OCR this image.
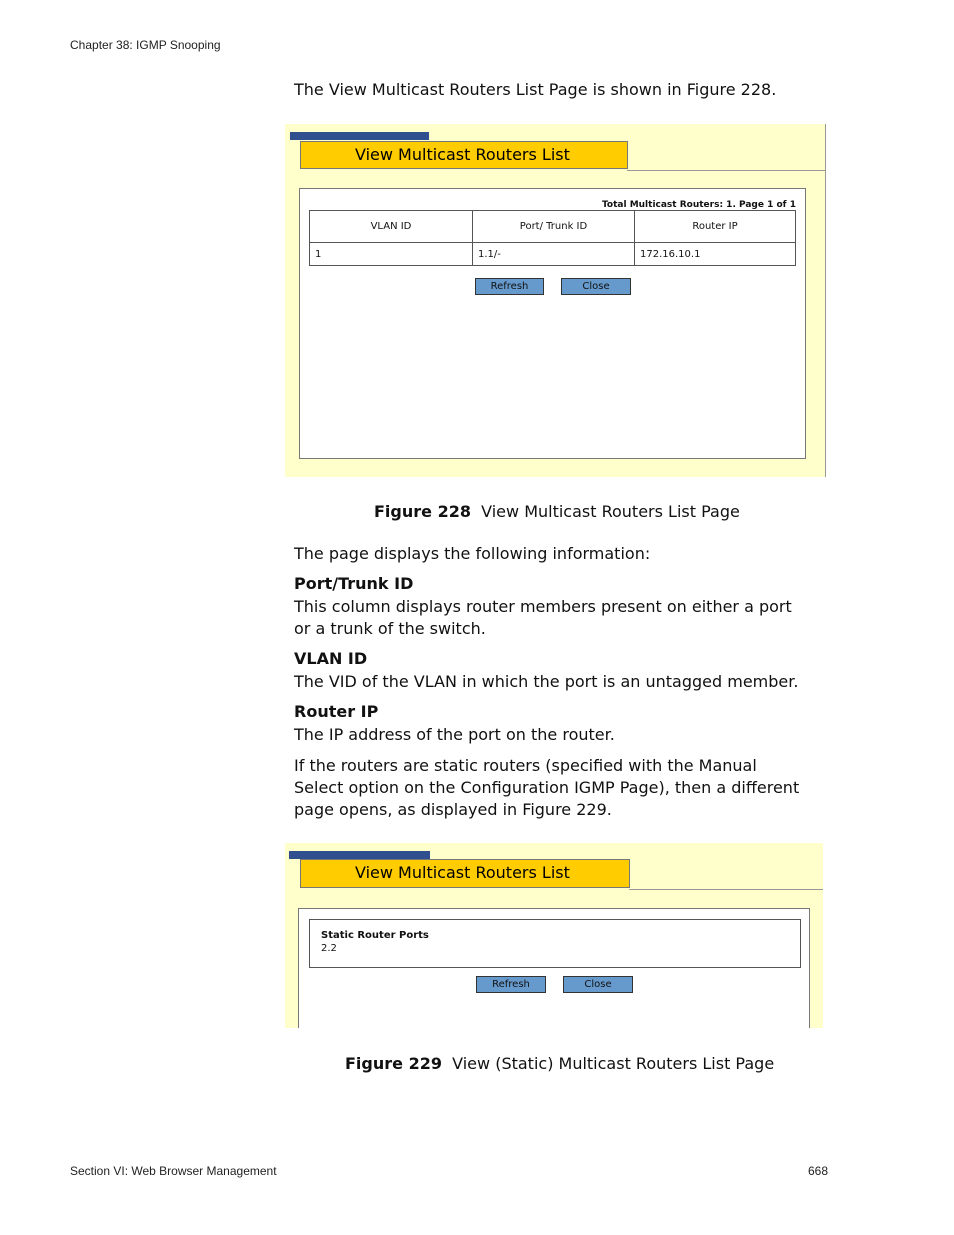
Chapter 38: IGMP Snooping
The View Multicast Routers List Page is shown in Figure 228.
View Multicast Routers List
Total Multicast Routers: 1. Page 1 of 1
VLAN ID	Port/ Trunk ID	Router IP
1	1.1/-	172.16.10.1
Refresh	Close
Figure 228 View Multicast Routers List Page
The page displays the following information:
Port/Trunk ID
This column displays router members present on either a port or a trunk of the switch.
VLAN ID
The VID of the VLAN in which the port is an untagged member.
Router IP
The IP address of the port on the router.
If the routers are static routers (specified with the Manual Select option on the Configuration IGMP Page), then a different page opens, as displayed in Figure 229.
View Multicast Routers List
Static Router Ports
2.2
Refresh	Close
Figure 229 View (Static) Multicast Routers List Page
Section VI: Web Browser Management	668
